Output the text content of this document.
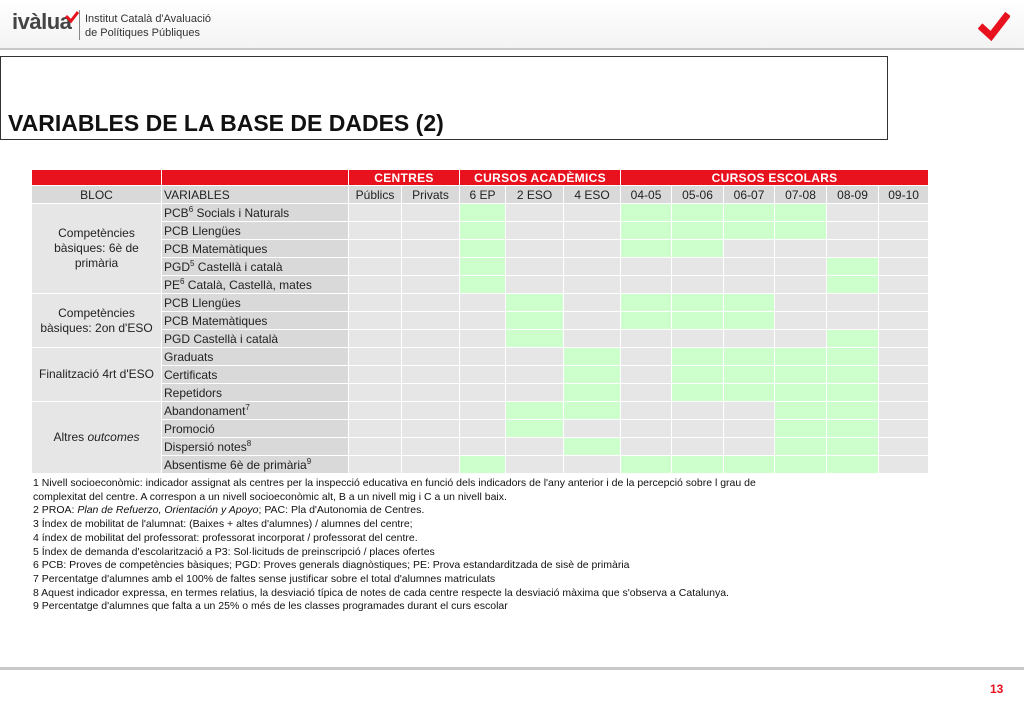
ivàlua Institut Català d'Avaluació
de Polítiques Públiques
VARIABLES DE LA BASE DE DADES (2)
		CENTRES		CURSOS ACADÈMICS			CURSOS ESCOLARS					
BLOC	VARIABLES	Públics	Privats	6 EP	2 ESO	4 ESO	04-05	05-06	06-07	07-08	08-09	09-10
Competències bàsiques: 6è de primària	PCB$^6$ Socials i Naturals											
	PCB Llengües											
	PCB Matemàtiques											
	PGD$^5$ Castellà i català											
	$PE^6$ Català, Castellà, mates											
Competències bàsiques: 2on d'ESO	PCB Llengües											
	PCB Matemàtiques											
	PGD Castellà i català											
Finalització 4rt d'ESO	Graduats											
	Certificats											
	Repetidors											
Altres outcomes	Abandonament$^7$											
	Promoció											
	Dispersió notes$^8$											
	Absentisme 6è de primària$^9$											
1 Nivell socioeconòmic: indicador assignat als centres per la inspecció educativa en funció dels indicadors de l'any anterior i de la percepció sobre l grau de
complexitat del centre. A correspon a un nivell socioeconòmic alt, B a un nivell mig i C a un nivell baix.
2 PROA: Plan de Refuerzo, Orientación y Apoyo; PAC: Pla d'Autonomia de Centres.
3 Índex de mobilitat de l'alumnat: (Baixes + altes d'alumnes) / alumnes del centre;
4 índex de mobilitat del professorat: professorat incorporat / professorat del centre.
5 Índex de demanda d'escolarització a P3: Sol·licituds de preinscripció / places ofertes
6 PCB: Proves de competències bàsiques; PGD: Proves generals diagnòstiques; PE: Prova estandarditzada de sisè de primària
7 Percentatge d'alumnes amb el 100% de faltes sense justificar sobre el total d'alumnes matriculats
8 Aquest indicador expressa, en termes relatius, la desviació típica de notes de cada centre respecte la desviació màxima que s'observa a Catalunya.
9 Percentatge d'alumnes que falta a un 25% o més de les classes programades durant el curs escolar
13
